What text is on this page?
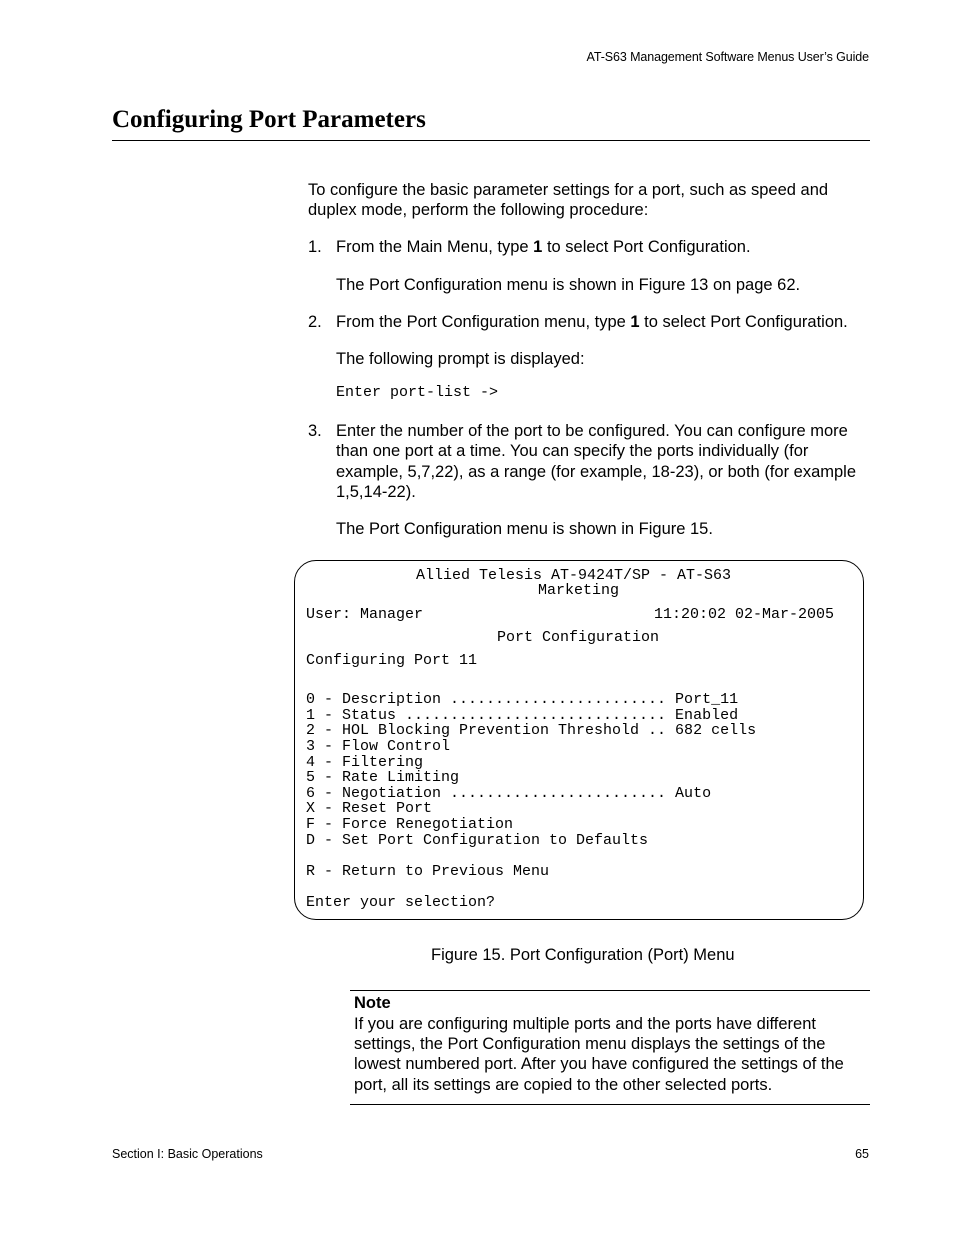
AT-S63 Management Software Menus User’s Guide
Configuring Port Parameters
To configure the basic parameter settings for a port, such as speed and duplex mode, perform the following procedure:
1. From the Main Menu, type 1 to select Port Configuration.
The Port Configuration menu is shown in Figure 13 on page 62.
2. From the Port Configuration menu, type 1 to select Port Configuration.
The following prompt is displayed:
Enter port-list ->
3. Enter the number of the port to be configured. You can configure more than one port at a time. You can specify the ports individually (for example, 5,7,22), as a range (for example, 18-23), or both (for example 1,5,14-22).
The Port Configuration menu is shown in Figure 15.
Allied Telesis AT-9424T/SP - AT-S63
Marketing
User: Manager	11:20:02 02-Mar-2005
Port Configuration
Configuring Port 11
0 - Description ........................ Port_11
1 - Status ............................. Enabled
2 - HOL Blocking Prevention Threshold .. 682 cells
3 - Flow Control
4 - Filtering
5 - Rate Limiting
6 - Negotiation ........................ Auto
X - Reset Port
F - Force Renegotiation
D - Set Port Configuration to Defaults
R - Return to Previous Menu
Enter your selection?
Figure 15. Port Configuration (Port) Menu
Note
If you are configuring multiple ports and the ports have different settings, the Port Configuration menu displays the settings of the lowest numbered port. After you have configured the settings of the port, all its settings are copied to the other selected ports.
Section I: Basic Operations	65
